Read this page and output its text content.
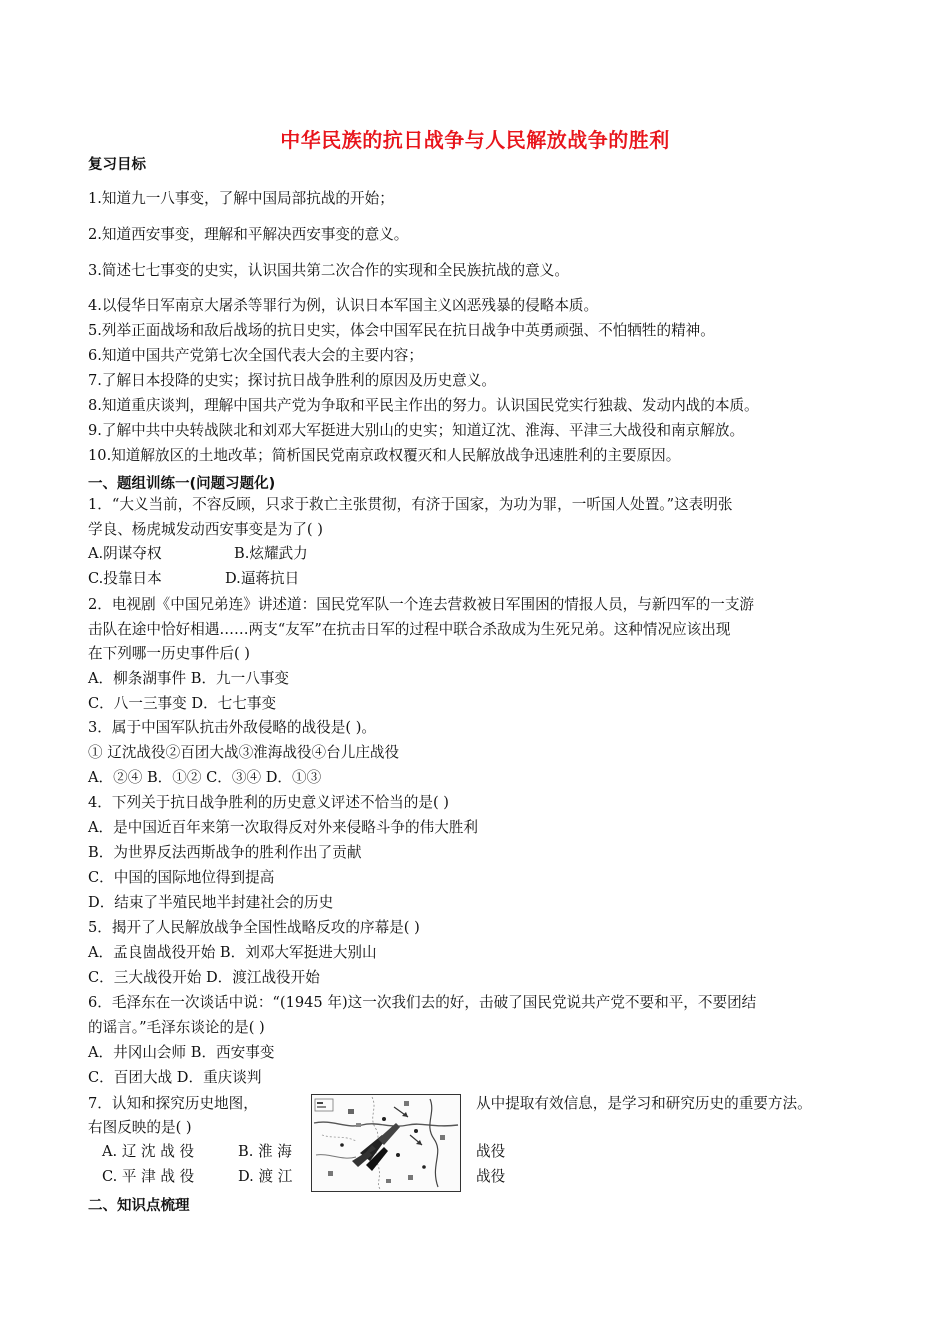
中华民族的抗日战争与人民解放战争的胜利
复习目标
1.知道九一八事变，了解中国局部抗战的开始；
2.知道西安事变，理解和平解决西安事变的意义。
3.简述七七事变的史实，认识国共第二次合作的实现和全民族抗战的意义。
4.以侵华日军南京大屠杀等罪行为例，认识日本军国主义凶恶残暴的侵略本质。
5.列举正面战场和敌后战场的抗日史实，体会中国军民在抗日战争中英勇顽强、不怕牺牲的精神。
6.知道中国共产党第七次全国代表大会的主要内容；
7.了解日本投降的史实；探讨抗日战争胜利的原因及历史意义。
8.知道重庆谈判，理解中国共产党为争取和平民主作出的努力。认识国民党实行独裁、发动内战的本质。
9.了解中共中央转战陕北和刘邓大军挺进大别山的史实；知道辽沈、淮海、平津三大战役和南京解放。
10.知道解放区的土地改革；简析国民党南京政权覆灭和人民解放战争迅速胜利的主要原因。
一、题组训练一(问题习题化)
1．“大义当前，不容反顾，只求于救亡主张贯彻，有济于国家，为功为罪，一听国人处置。”这表明张
学良、杨虎城发动西安事变是为了( )
A.阴谋夺权	B.炫耀武力
C.投靠日本	D.逼蒋抗日
2．电视剧《中国兄弟连》讲述道：国民党军队一个连去营救被日军围困的情报人员，与新四军的一支游
击队在途中恰好相遇……两支“友军”在抗击日军的过程中联合杀敌成为生死兄弟。这种情况应该出现
在下列哪一历史事件后( )
A．柳条湖事件 B．九一八事变
C．八一三事变 D．七七事变
3．属于中国军队抗击外敌侵略的战役是( )。
① 辽沈战役②百团大战③淮海战役④台儿庄战役
A．②④ B．①② C．③④ D．①③
4．下列关于抗日战争胜利的历史意义评述不恰当的是( )
A．是中国近百年来第一次取得反对外来侵略斗争的伟大胜利
B．为世界反法西斯战争的胜利作出了贡献
C．中国的国际地位得到提高
D．结束了半殖民地半封建社会的历史
5．揭开了人民解放战争全国性战略反攻的序幕是( )
A．孟良崮战役开始 B．刘邓大军挺进大别山
C．三大战役开始 D．渡江战役开始
6．毛泽东在一次谈话中说：“(1945 年)这一次我们去的好，击破了国民党说共产党不要和平，不要团结
的谣言。”毛泽东谈论的是( )
A．井冈山会师 B．西安事变
C．百团大战 D．重庆谈判
7．认知和探究历史地图，	从中提取有效信息，是学习和研究历史的重要方法。
右图反映的是( )
A. 辽 沈 战 役	B. 淮 海	战役
C. 平 津 战 役	D. 渡 江	战役
二、知识点梳理
